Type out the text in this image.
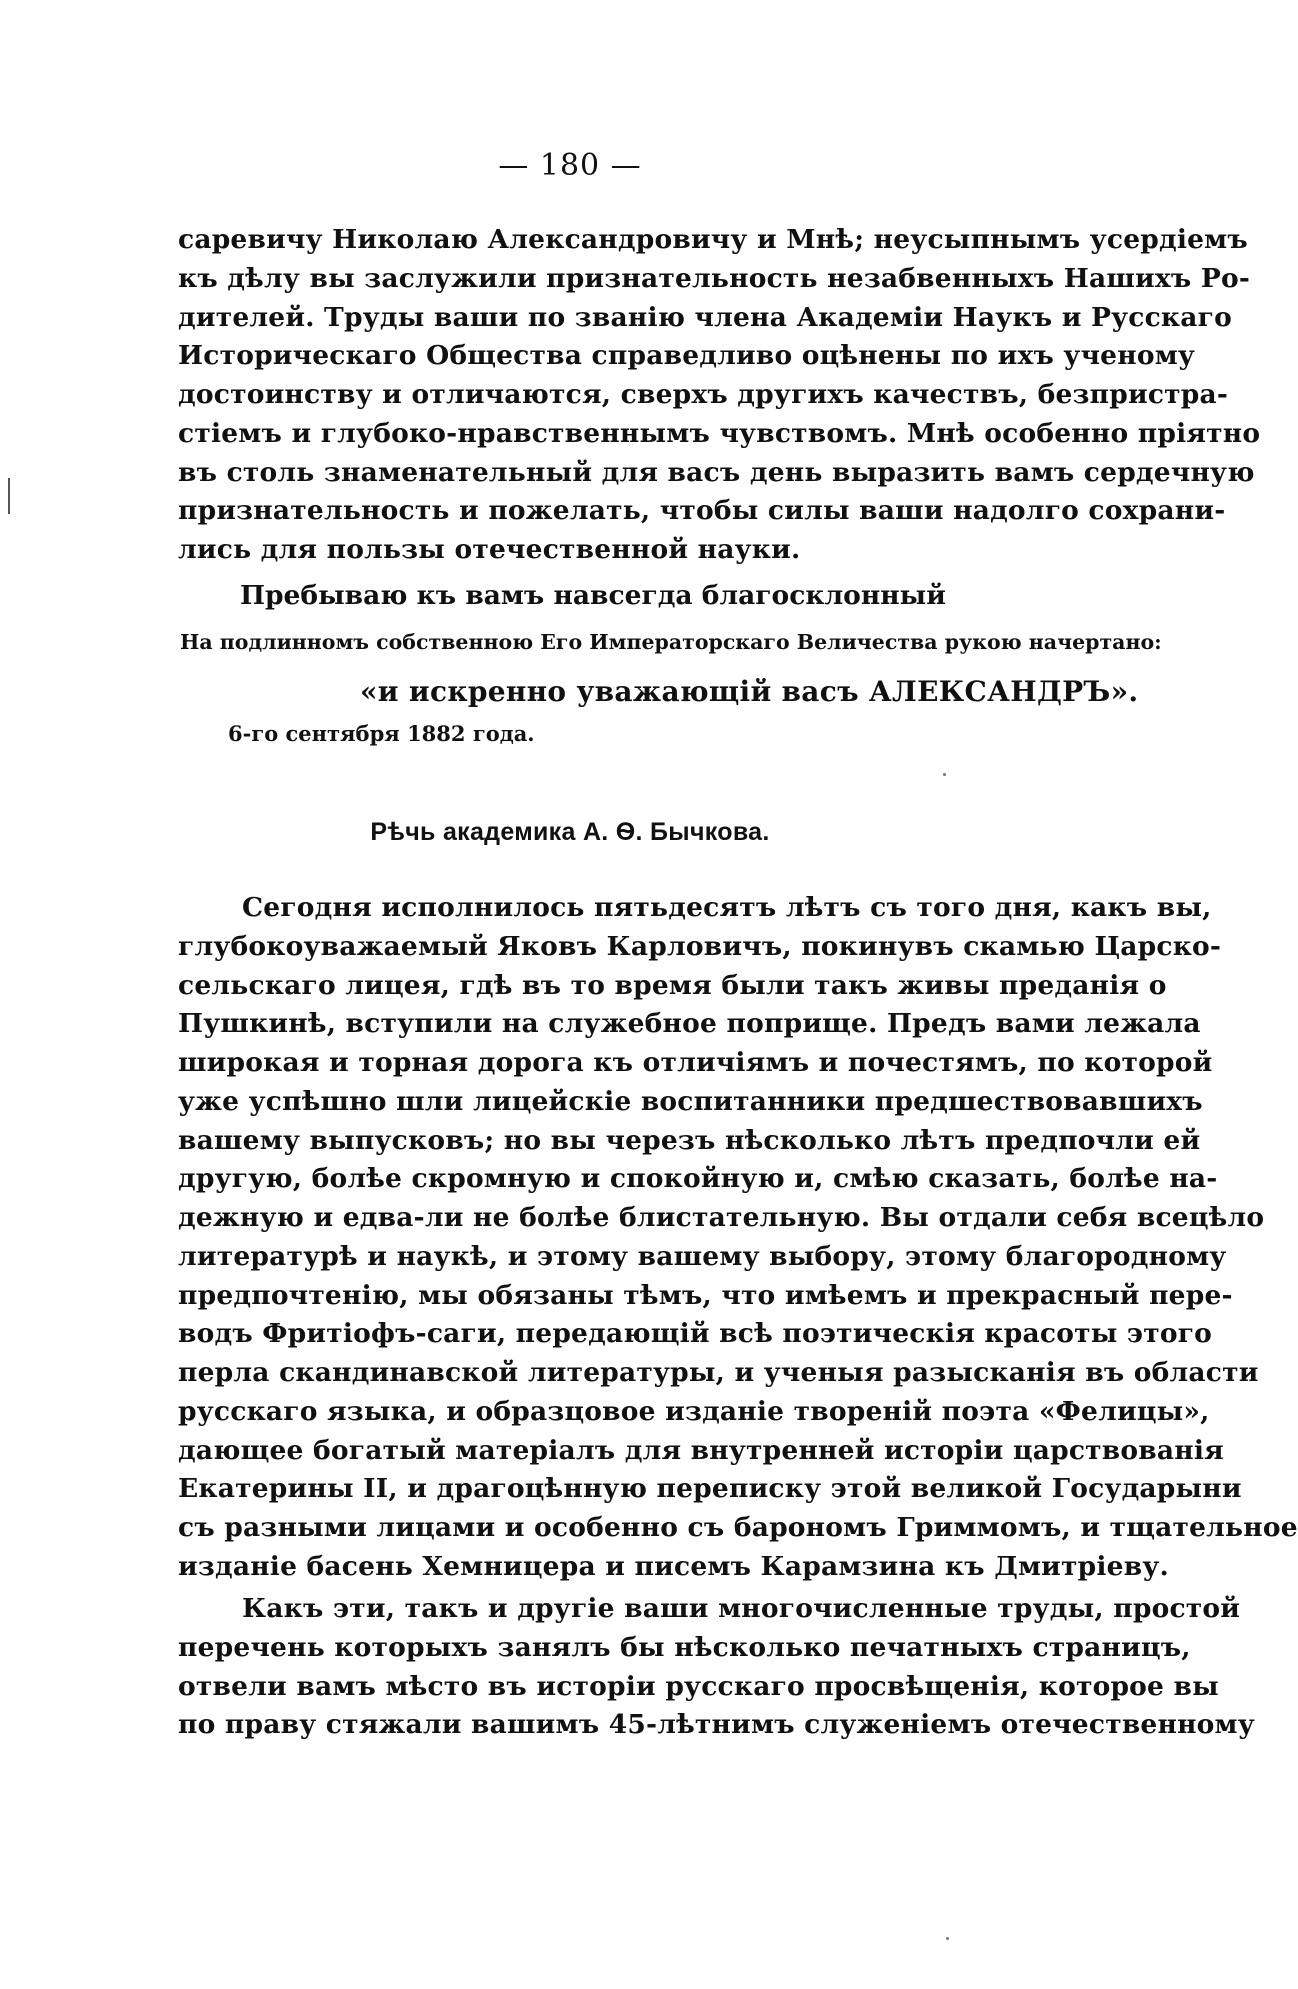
— 180 —
саревичу Николаю Александровичу и Мнѣ; неусыпнымъ усердіемъ
къ дѣлу вы заслужили признательность незабвенныхъ Нашихъ Ро-
дителей. Труды ваши по званію члена Академіи Наукъ и Русскаго
Историческаго Общества справедливо оцѣнены по ихъ ученому
достоинству и отличаются, сверхъ другихъ качествъ, безпристра-
стіемъ и глубоко-нравственнымъ чувствомъ. Мнѣ особенно пріятно
въ столь знаменательный для васъ день выразить вамъ сердечную
признательность и пожелать, чтобы силы ваши надолго сохрани-
лись для пользы отечественной науки.
Пребываю къ вамъ навсегда благосклонный
На подлинномъ собственною Его Императорскаго Величества рукою начертано:
«и искренно уважающій васъ АЛЕКСАНДРЪ».
6-го сентября 1882 года.
Рѣчь академика А. Ѳ. Бычкова.
Сегодня исполнилось пятьдесятъ лѣтъ съ того дня, какъ вы,
глубокоуважаемый Яковъ Карловичъ, покинувъ скамью Царско-
сельскаго лицея, гдѣ въ то время были такъ живы преданія о
Пушкинѣ, вступили на служебное поприще. Предъ вами лежала
широкая и торная дорога къ отличіямъ и почестямъ, по которой
уже успѣшно шли лицейскіе воспитанники предшествовавшихъ
вашему выпусковъ; но вы черезъ нѣсколько лѣтъ предпочли ей
другую, болѣе скромную и спокойную и, смѣю сказать, болѣе на-
дежную и едва-ли не болѣе блистательную. Вы отдали себя всецѣло
литературѣ и наукѣ, и этому вашему выбору, этому благородному
предпочтенію, мы обязаны тѣмъ, что имѣемъ и прекрасный пере-
водъ Фритіофъ-саги, передающій всѣ поэтическія красоты этого
перла скандинавской литературы, и ученыя разысканія въ области
русскаго языка, и образцовое изданіе твореній поэта «Фелицы»,
дающее богатый матеріалъ для внутренней исторіи царствованія
Екатерины II, и драгоцѣнную переписку этой великой Государыни
съ разными лицами и особенно съ барономъ Гриммомъ, и тщательное
изданіе басень Хемницера и писемъ Карамзина къ Дмитріеву.
Какъ эти, такъ и другіе ваши многочисленные труды, простой
перечень которыхъ занялъ бы нѣсколько печатныхъ страницъ,
отвели вамъ мѣсто въ исторіи русскаго просвѣщенія, которое вы
по праву стяжали вашимъ 45-лѣтнимъ служеніемъ отечественному
